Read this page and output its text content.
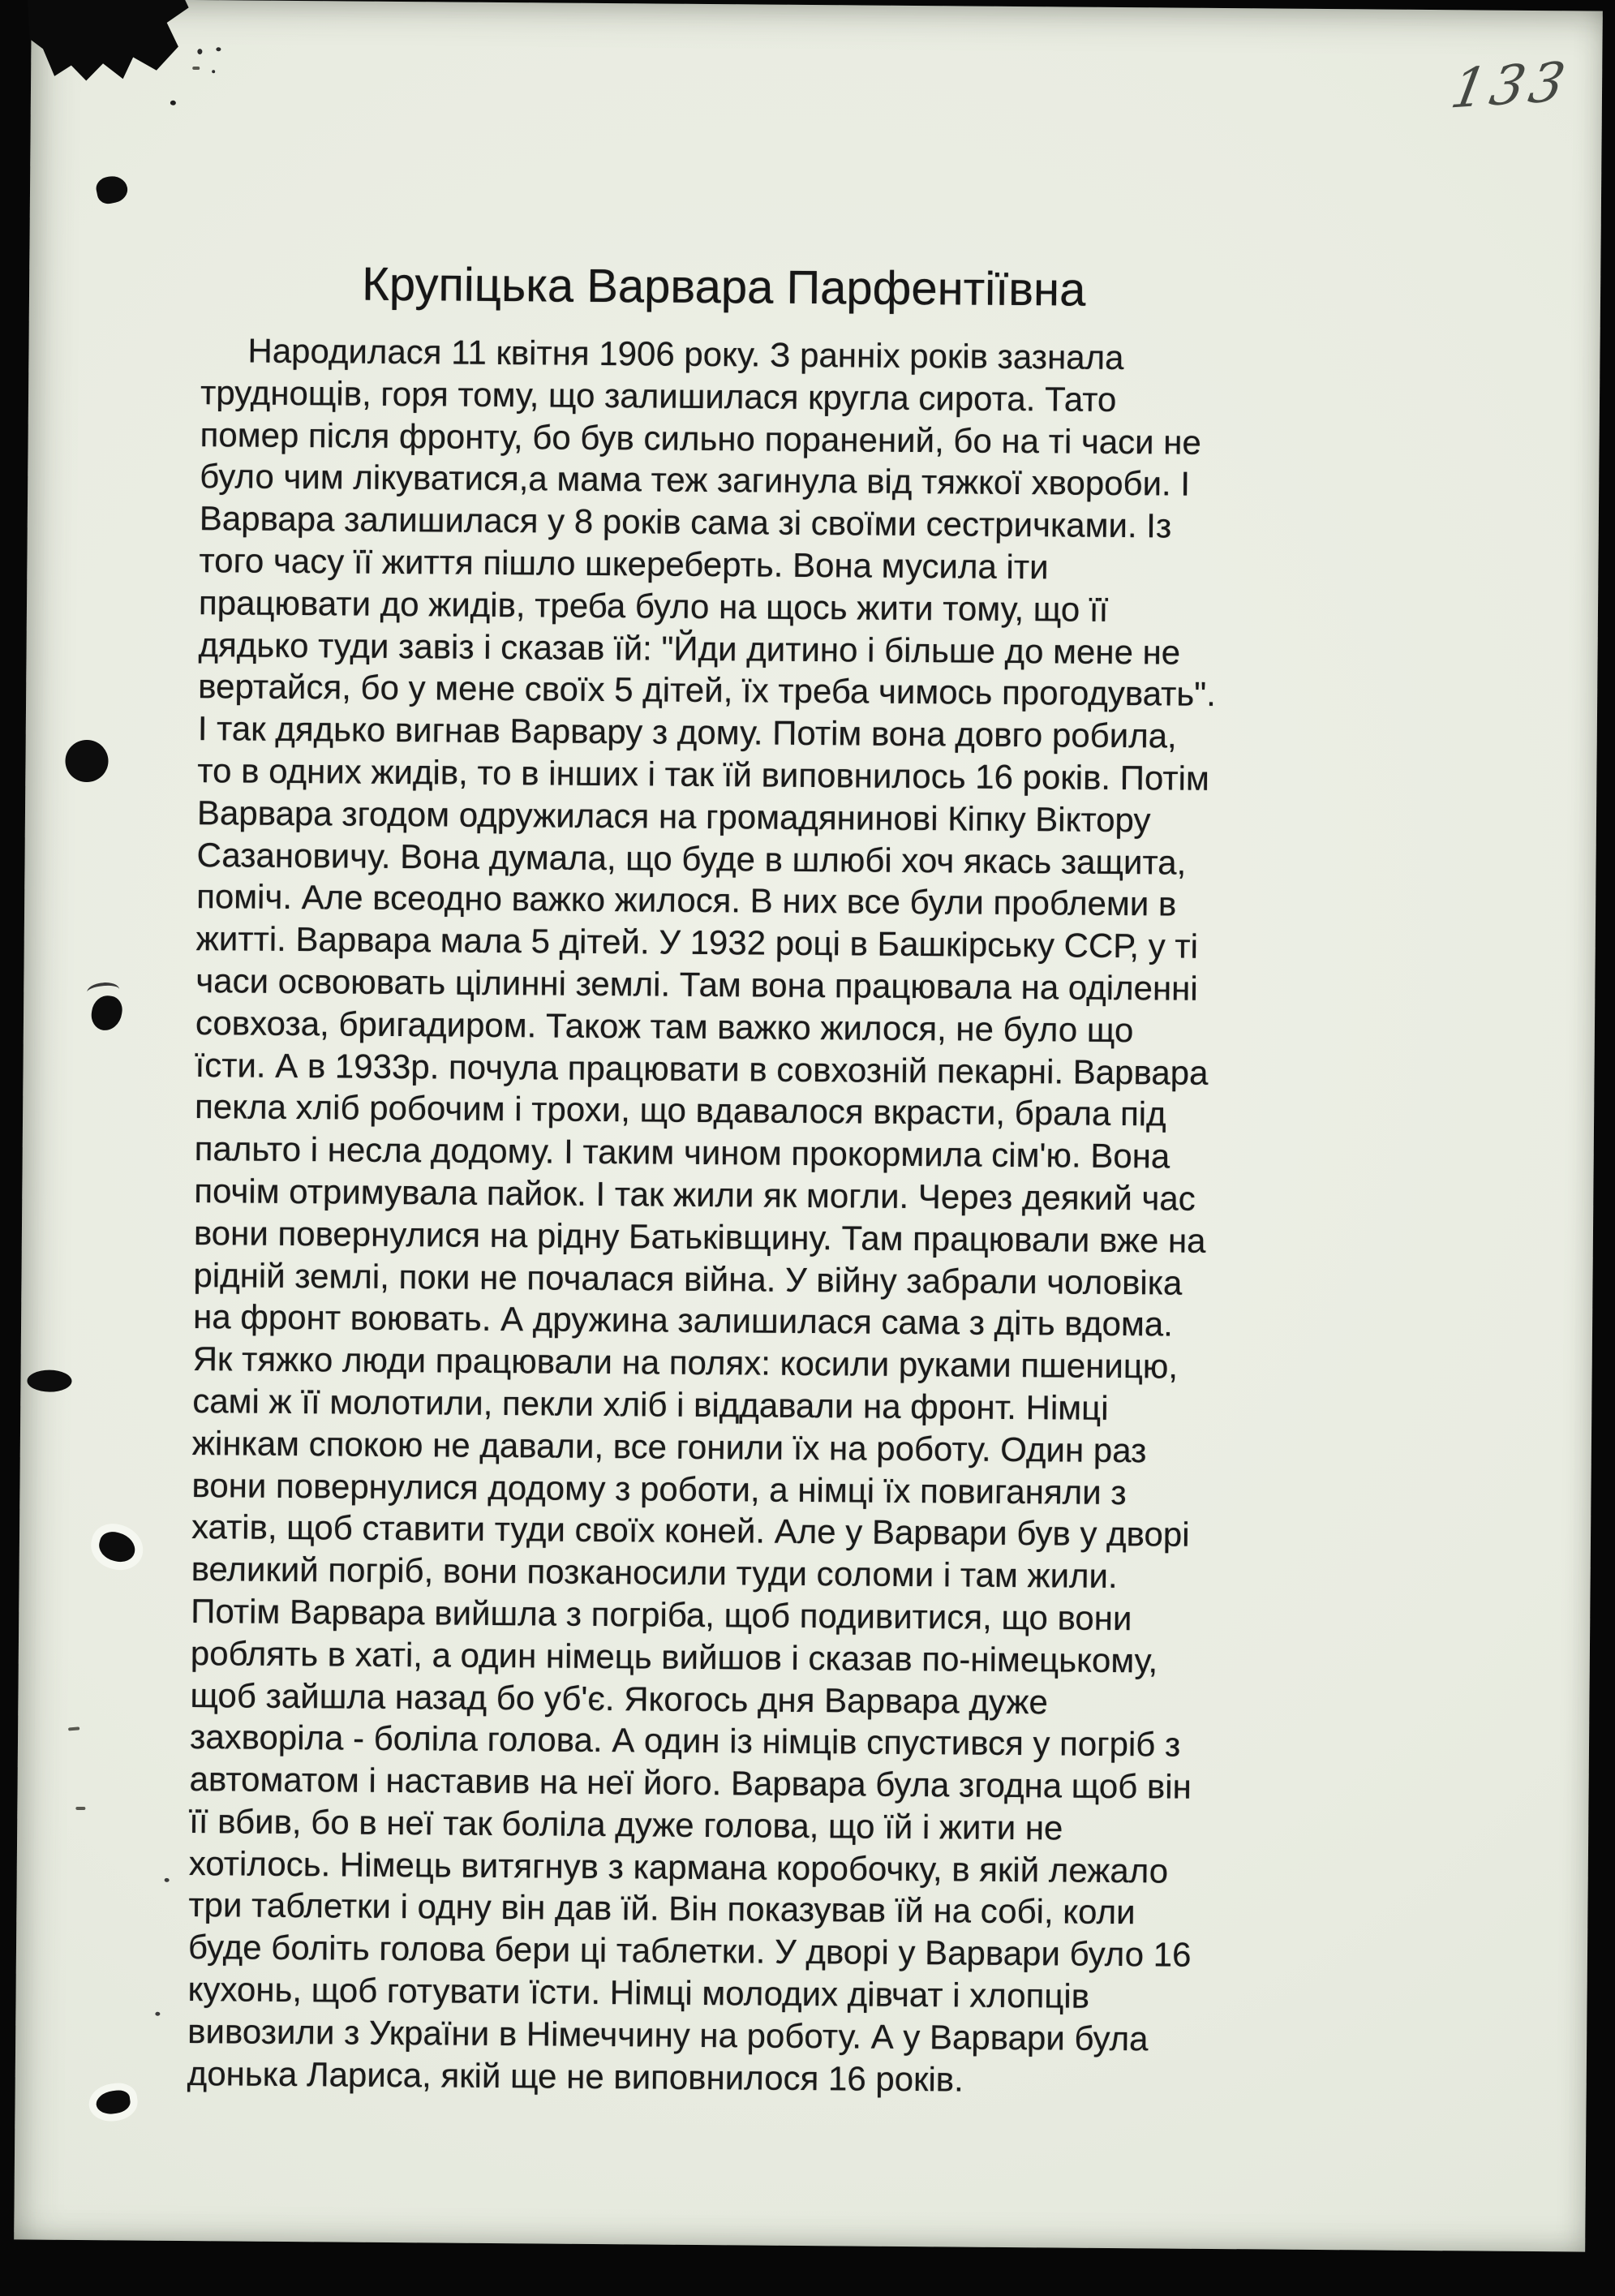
133
Крупіцька Варвара Парфентіївна
Народилася 11 квітня 1906 року. З ранніх років зазнала
труднощів, горя тому, що залишилася кругла сирота. Тато
помер після фронту, бо був сильно поранений, бо на ті часи не
було чим лікуватися,а мама теж загинула від тяжкої хвороби. І
Варвара залишилася у 8 років сама зі своїми сестричками. Із
того часу її життя пішло шкереберть. Вона мусила іти
працювати до жидів, треба було на щось жити тому, що її
дядько туди завіз і сказав їй: "Йди дитино і більше до мене не
вертайся, бо у мене своїх 5 дітей, їх треба чимось прогодувать".
І так дядько вигнав Варвару з дому. Потім вона довго робила,
то в одних жидів, то в інших і так їй виповнилось 16 років. Потім
Варвара згодом одружилася на громадянинові Кіпку Віктору
Сазановичу. Вона думала, що буде в шлюбі хоч якась защита,
поміч. Але всеодно важко жилося. В них все були проблеми в
житті. Варвара мала 5 дітей. У 1932 році в Башкірську ССР, у ті
часи освоювать цілинні землі. Там вона працювала на оділенні
совхоза, бригадиром. Також там важко жилося, не було що
їсти. А в 1933р. почула працювати в совхозній пекарні. Варвара
пекла хліб робочим і трохи, що вдавалося вкрасти, брала під
пальто і несла додому. І таким чином прокормила сім'ю. Вона
почім отримувала пайок. І так жили як могли. Через деякий час
вони повернулися на рідну Батьківщину. Там працювали вже на
рідній землі, поки не почалася війна. У війну забрали чоловіка
на фронт воювать. А дружина залишилася сама з діть вдома.
Як тяжко люди працювали на полях: косили руками пшеницю,
самі ж її молотили, пекли хліб і віддавали на фронт. Німці
жінкам спокою не давали, все гонили їх на роботу. Один раз
вони повернулися додому з роботи, а німці їх повиганяли з
хатів, щоб ставити туди своїх коней. Але у Варвари був у дворі
великий погріб, вони позканосили туди соломи і там жили.
Потім Варвара вийшла з погріба, щоб подивитися, що вони
роблять в хаті, а один німець вийшов і сказав по-німецькому,
щоб зайшла назад бо уб'є. Якогось дня Варвара дуже
захворіла - боліла голова. А один із німців спустився у погріб з
автоматом і наставив на неї його. Варвара була згодна щоб він
її вбив, бо в неї так боліла дуже голова, що їй і жити не
хотілось. Німець витягнув з кармана коробочку, в якій лежало
три таблетки і одну він дав їй. Він показував їй на собі, коли
буде боліть голова бери ці таблетки. У дворі у Варвари було 16
кухонь, щоб готувати їсти. Німці молодих дівчат і хлопців
вивозили з України в Німеччину на роботу. А у Варвари була
донька Лариса, якій ще не виповнилося 16 років.
